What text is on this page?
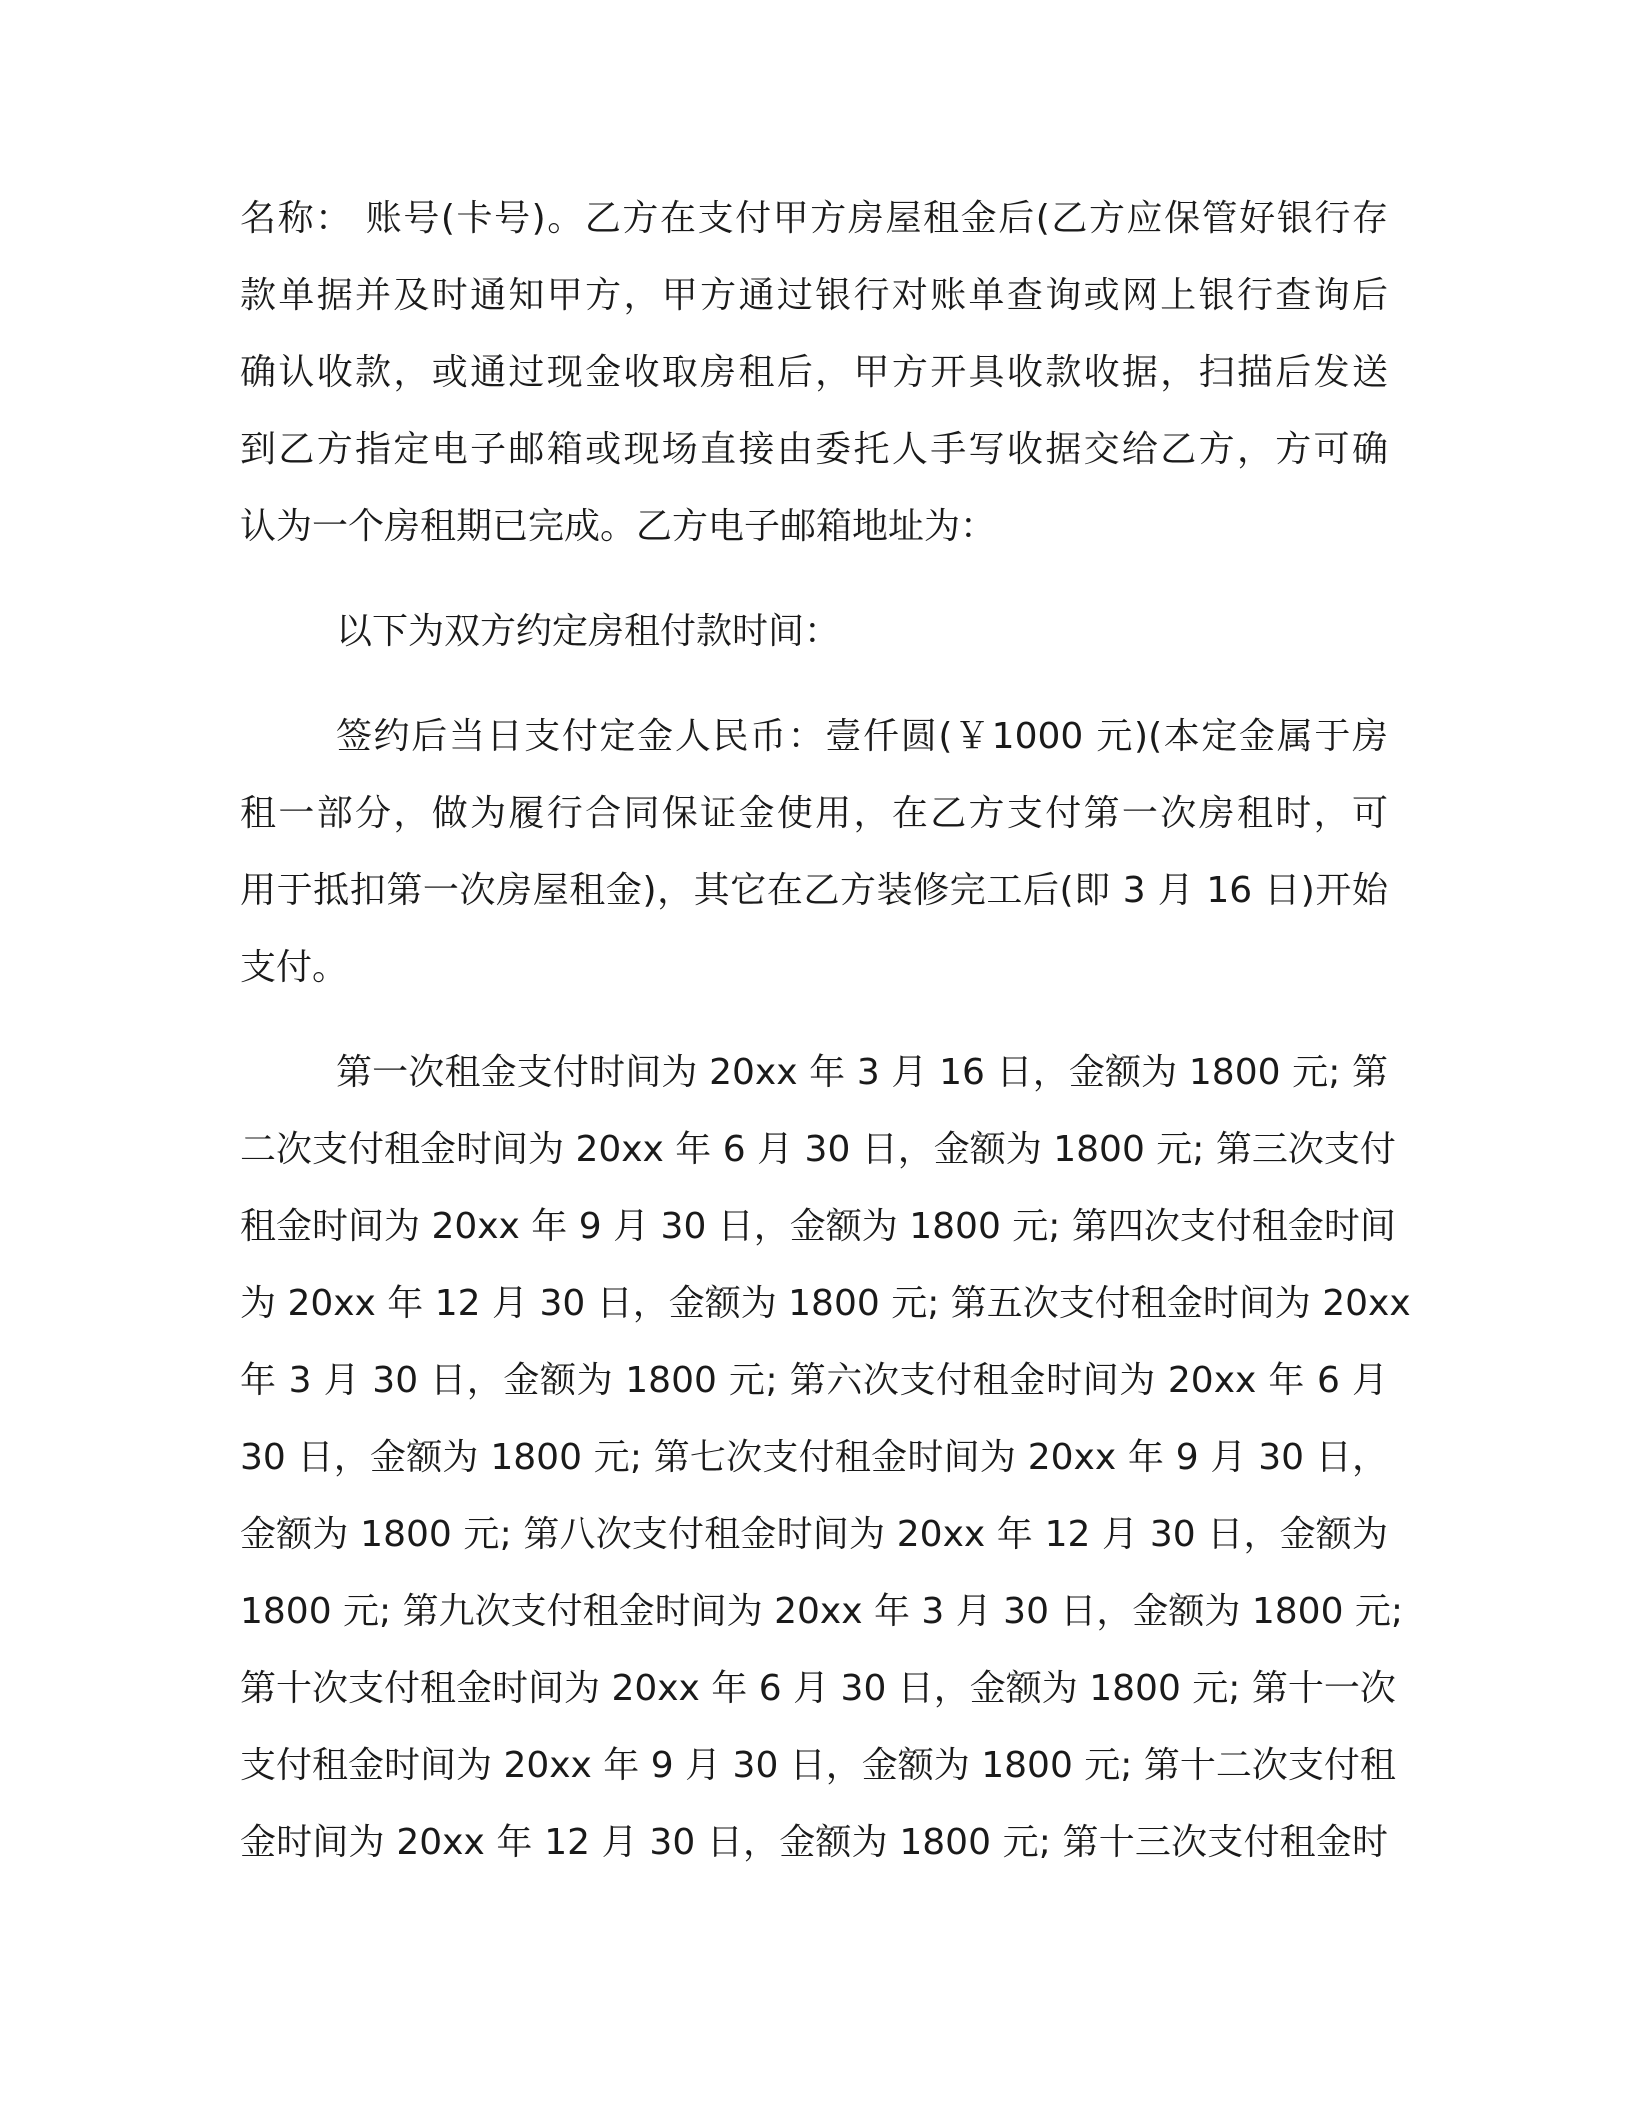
名称： 账号(卡号)。乙方在支付甲方房屋租金后(乙方应保管好银行存
款单据并及时通知甲方，甲方通过银行对账单查询或网上银行查询后
确认收款，或通过现金收取房租后，甲方开具收款收据，扫描后发送
到乙方指定电子邮箱或现场直接由委托人手写收据交给乙方，方可确
认为一个房租期已完成。乙方电子邮箱地址为：
以下为双方约定房租付款时间：
签约后当日支付定金人民币：壹仟圆(￥1000 元)(本定金属于房
租一部分，做为履行合同保证金使用，在乙方支付第一次房租时，可
用于抵扣第一次房屋租金)，其它在乙方装修完工后(即 3 月 16 日)开始
支付。
第一次租金支付时间为 20xx 年 3 月 16 日，金额为 1800 元; 第
二次支付租金时间为 20xx 年 6 月 30 日，金额为 1800 元; 第三次支付
租金时间为 20xx 年 9 月 30 日，金额为 1800 元; 第四次支付租金时间
为 20xx 年 12 月 30 日，金额为 1800 元; 第五次支付租金时间为 20xx
年 3 月 30 日，金额为 1800 元; 第六次支付租金时间为 20xx 年 6 月
30 日，金额为 1800 元; 第七次支付租金时间为 20xx 年 9 月 30 日，
金额为 1800 元; 第八次支付租金时间为 20xx 年 12 月 30 日，金额为
1800 元; 第九次支付租金时间为 20xx 年 3 月 30 日，金额为 1800 元;
第十次支付租金时间为 20xx 年 6 月 30 日，金额为 1800 元; 第十一次
支付租金时间为 20xx 年 9 月 30 日，金额为 1800 元; 第十二次支付租
金时间为 20xx 年 12 月 30 日，金额为 1800 元; 第十三次支付租金时
